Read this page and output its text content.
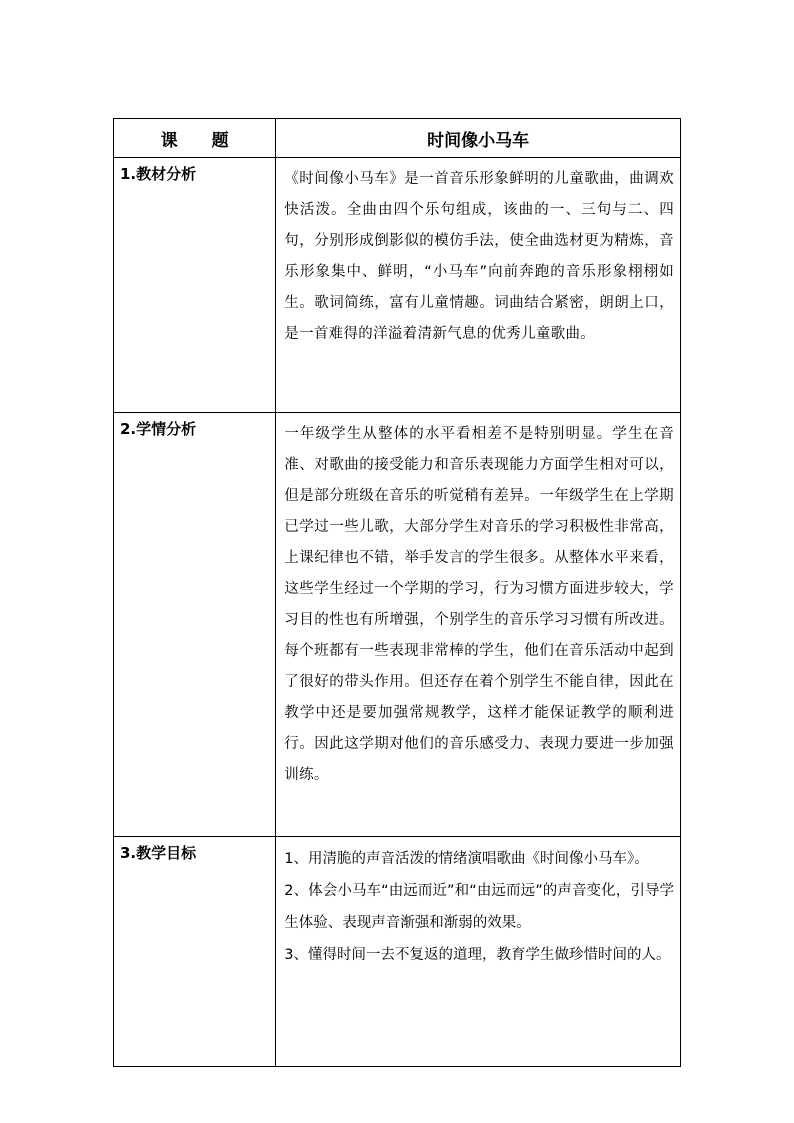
课　　题	时间像小马车
1.教材分析	《时间像小马车》是一首音乐形象鲜明的儿童歌曲，曲调欢快活泼。全曲由四个乐句组成，该曲的一、三句与二、四句，分别形成倒影似的模仿手法，使全曲选材更为精炼，音乐形象集中、鲜明，“小马车”向前奔跑的音乐形象栩栩如生。歌词简练，富有儿童情趣。词曲结合紧密，朗朗上口，是一首难得的洋溢着清新气息的优秀儿童歌曲。

2.学情分析	一年级学生从整体的水平看相差不是特别明显。学生在音准、对歌曲的接受能力和音乐表现能力方面学生相对可以，但是部分班级在音乐的听觉稍有差异。一年级学生在上学期已学过一些儿歌，大部分学生对音乐的学习积极性非常高，上课纪律也不错，举手发言的学生很多。从整体水平来看，这些学生经过一个学期的学习，行为习惯方面进步较大，学习目的性也有所增强，个别学生的音乐学习习惯有所改进。每个班都有一些表现非常棒的学生，他们在音乐活动中起到了很好的带头作用。但还存在着个别学生不能自律，因此在教学中还是要加强常规教学，这样才能保证教学的顺利进行。因此这学期对他们的音乐感受力、表现力要进一步加强训练。

3.教学目标	1、用清脆的声音活泼的情绪演唱歌曲《时间像小马车》。

2、体会小马车“由远而近”和“由远而远”的声音变化，引导学生体验、表现声音渐强和渐弱的效果。

3、懂得时间一去不复返的道理，教育学生做珍惜时间的人。
